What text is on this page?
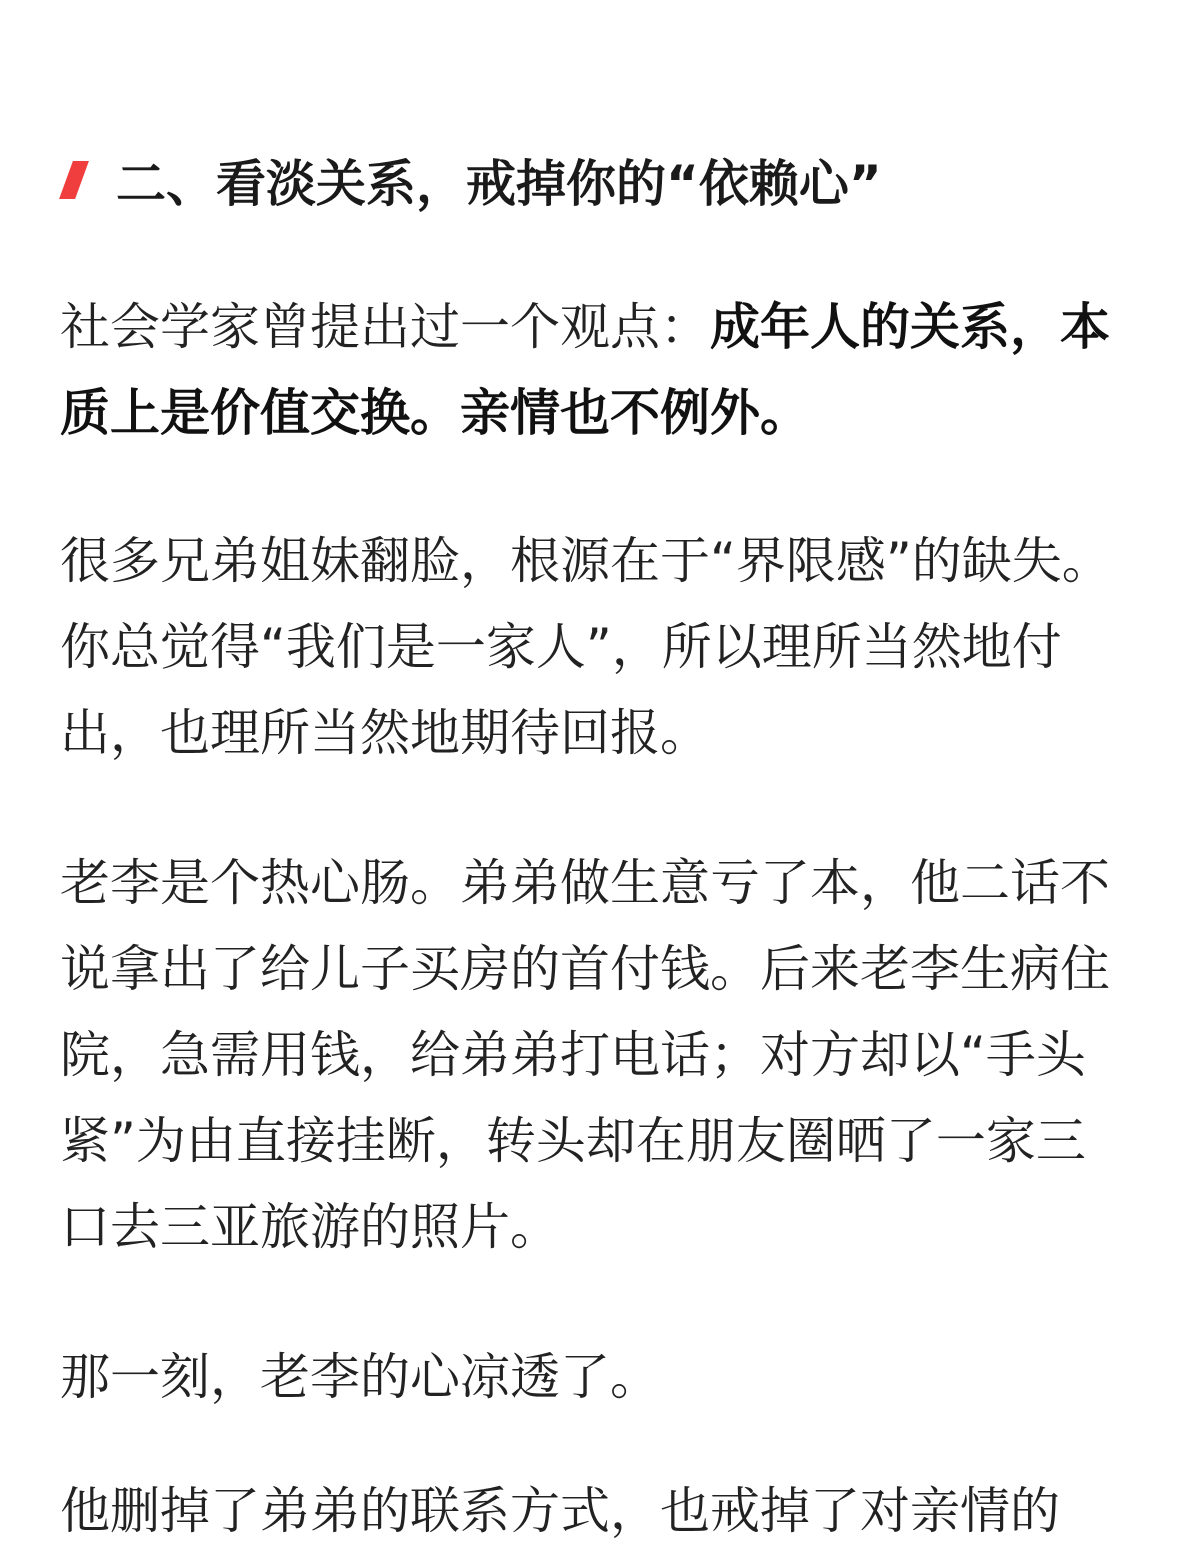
二、看淡关系，戒掉你的“依赖心”

社会学家曾提出过一个观点：成年人的关系，本质上是价值交换。亲情也不例外。

很多兄弟姐妹翻脸，根源在于“界限感”的缺失。你总觉得“我们是一家人”，所以理所当然地付出，也理所当然地期待回报。

老李是个热心肠。弟弟做生意亏了本，他二话不说拿出了给儿子买房的首付钱。后来老李生病住院，急需用钱，给弟弟打电话；对方却以“手头紧”为由直接挂断，转头却在朋友圈晒了一家三口去三亚旅游的照片。

那一刻，老李的心凉透了。

他删掉了弟弟的联系方式，也戒掉了对亲情的
